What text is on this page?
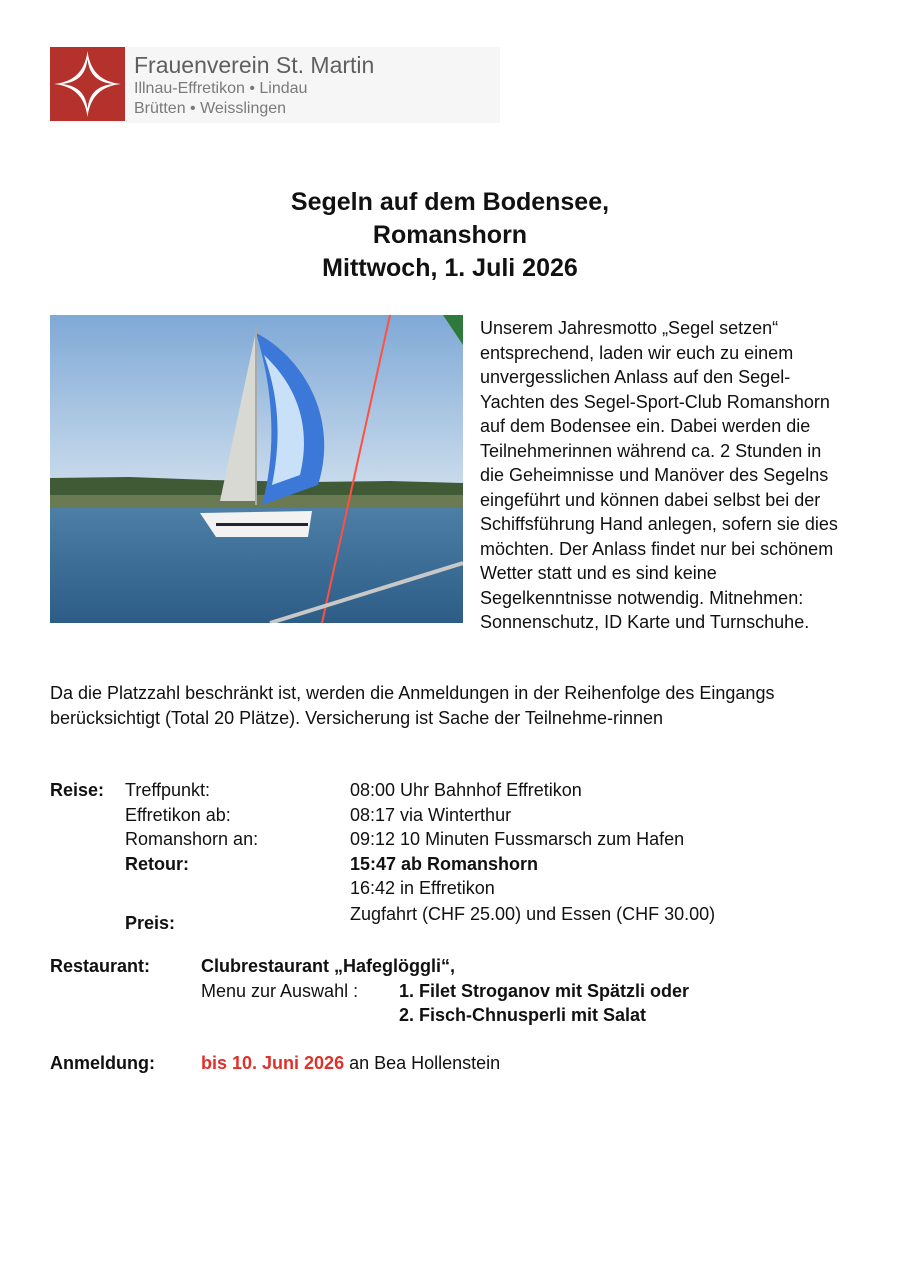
Frauenverein St. Martin
Illnau-Effretikon • Lindau
Brütten • Weisslingen
Segeln auf dem Bodensee,
Romanshorn
Mittwoch, 1. Juli 2026
Unserem Jahresmotto „Segel setzen“ entsprechend, laden wir euch zu einem unvergesslichen Anlass auf den Segel-Yachten des Segel-Sport-Club Romanshorn auf dem Bodensee ein. Dabei werden die Teilnehmerinnen während ca. 2 Stunden in die Geheimnisse und Manöver des Segelns eingeführt und können dabei selbst bei der Schiffsführung Hand anlegen, sofern sie dies möchten. Der Anlass findet nur bei schönem Wetter statt und es sind keine Segelkenntnisse notwendig. Mitnehmen: Sonnenschutz, ID Karte und Turnschuhe.
Da die Platzzahl beschränkt ist, werden die Anmeldungen in der Reihenfolge des Eingangs berücksichtigt (Total 20 Plätze). Versicherung ist Sache der Teilnehme-rinnen
Reise: Treffpunkt:	08:00 Uhr Bahnhof Effretikon
Effretikon ab:	08:17 via Winterthur
Romanshorn an:	09:12 10 Minuten Fussmarsch zum Hafen
Retour:	15:47 ab Romanshorn
16:42 in Effretikon
Preis:	Zugfahrt (CHF 25.00) und Essen (CHF 30.00)
Restaurant:	Clubrestaurant „Hafeglöggli“,
Menu zur Auswahl : 1. Filet Stroganov mit Spätzli oder
2. Fisch-Chnusperli mit Salat
Anmeldung:	bis 10. Juni 2026 an Bea Hollenstein
